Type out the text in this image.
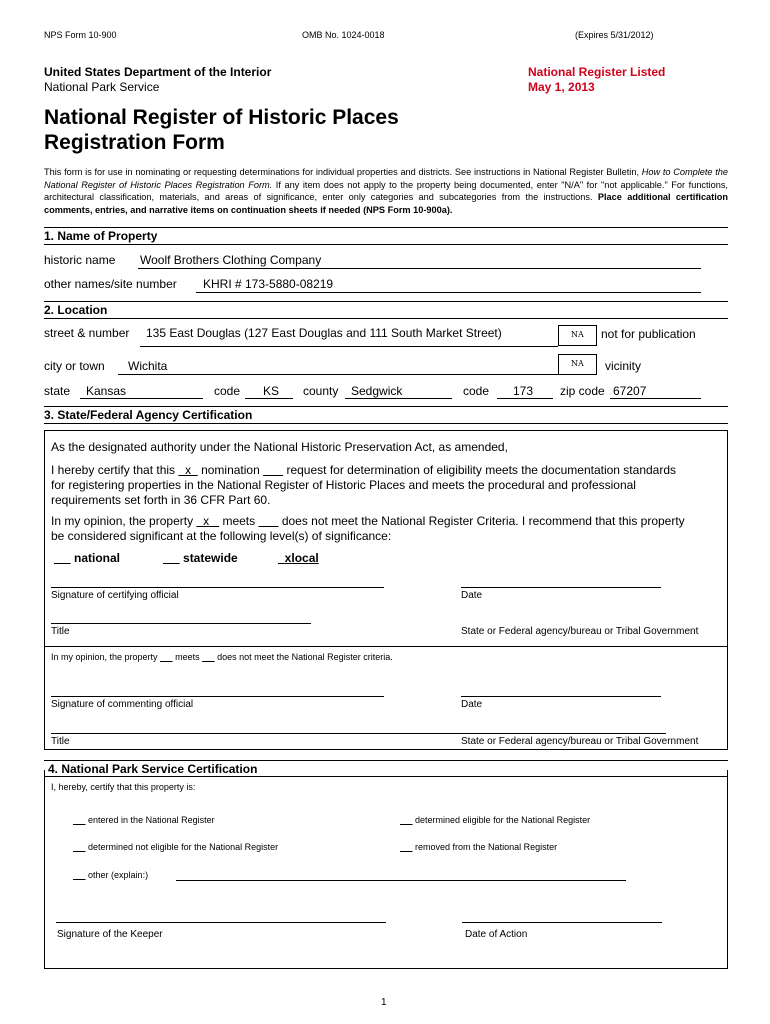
NPS Form 10-900	OMB No. 1024-0018	(Expires 5/31/2012)
United States Department of the Interior
National Park Service
National Register Listed
May 1, 2013
National Register of Historic Places
Registration Form
This form is for use in nominating or requesting determinations for individual properties and districts. See instructions in National Register Bulletin, How to Complete the National Register of Historic Places Registration Form. If any item does not apply to the property being documented, enter "N/A" for "not applicable." For functions, architectural classification, materials, and areas of significance, enter only categories and subcategories from the instructions. Place additional certification comments, entries, and narrative items on continuation sheets if needed (NPS Form 10-900a).
1. Name of Property
historic name Woolf Brothers Clothing Company
other names/site number KHRI # 173-5880-08219
2. Location
street & number 135 East Douglas (127 East Douglas and 111 South Market Street)	NA	not for publication
city or town Wichita	NA	vicinity
state Kansas	code KS county Sedgwick	code 173 zip code 67207
3. State/Federal Agency Certification
As the designated authority under the National Historic Preservation Act, as amended,
I hereby certify that this   x   nomination        request for determination of eligibility meets the documentation standards
for registering properties in the National Register of Historic Places and meets the procedural and professional
requirements set forth in 36 CFR Part 60.
In my opinion, the property   x    meets        does not meet the National Register Criteria. I recommend that this property
be considered significant at the following level(s) of significance:
national	statewide	xlocal
Signature of certifying official	Date
Title	State or Federal agency/bureau or Tribal Government
In my opinion, the property       meets       does not meet the National Register criteria.
Signature of commenting official	Date
Title	State or Federal agency/bureau or Tribal Government
4. National Park Service Certification
I, hereby, certify that this property is:
entered in the National Register	determined eligible for the National Register
determined not eligible for the National Register	removed from the National Register
other (explain:)
Signature of the Keeper	Date of Action
1
